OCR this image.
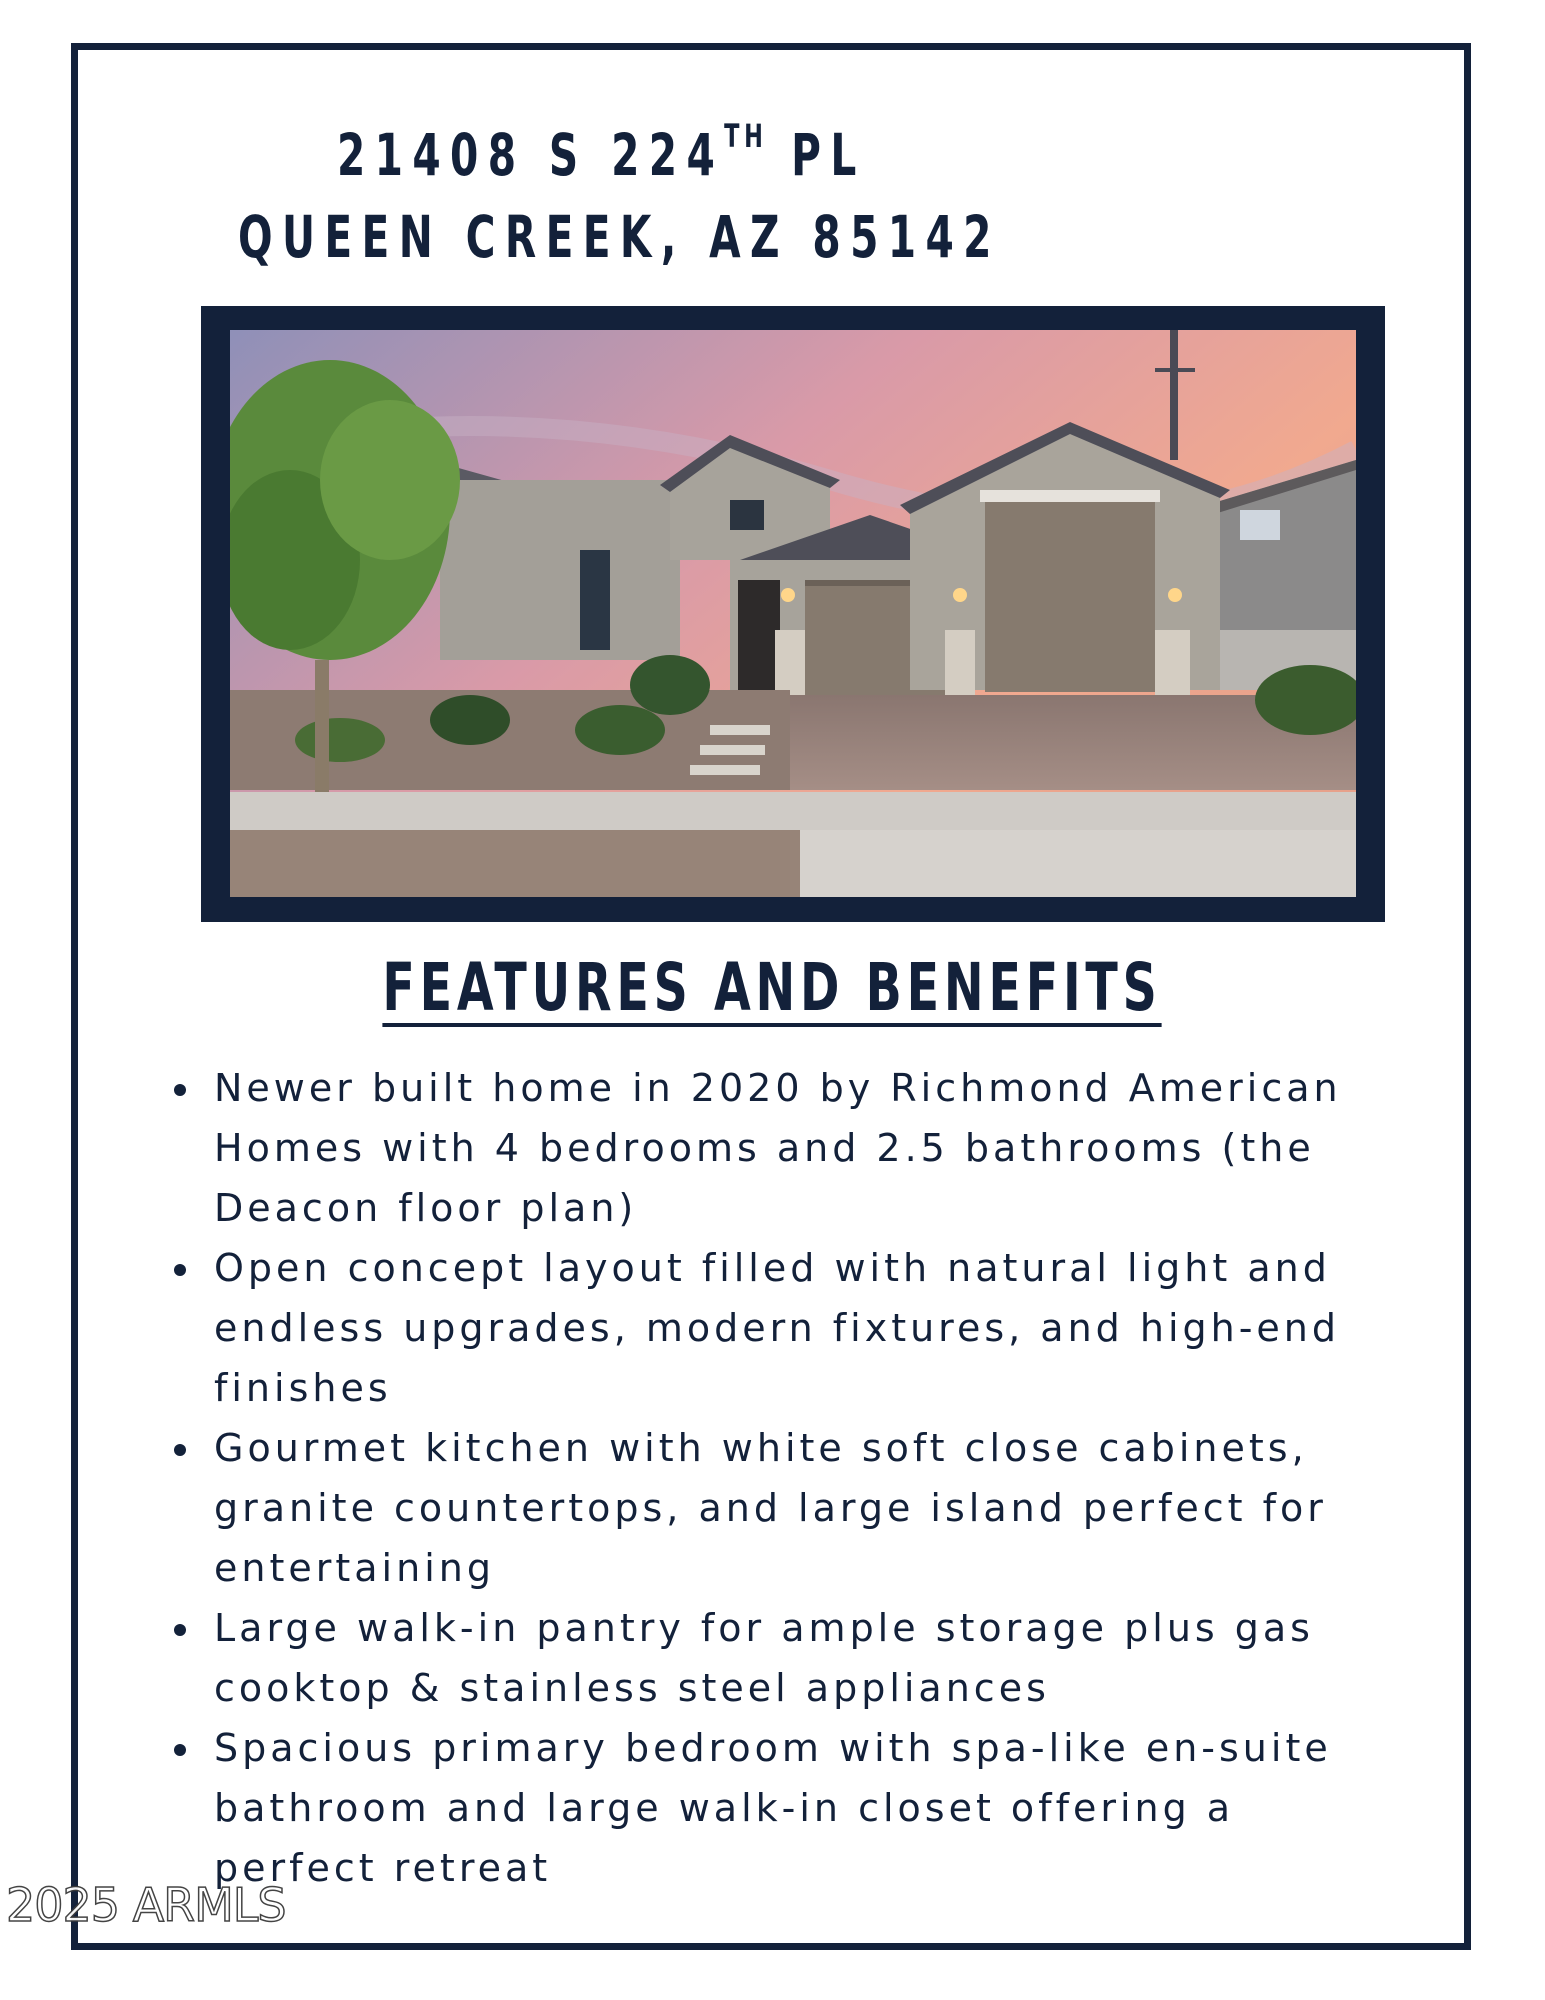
21408 S 224TH PL
QUEEN CREEK, AZ 85142
FEATURES AND BENEFITS
Newer built home in 2020 by Richmond American Homes with 4 bedrooms and 2.5 bathrooms (the Deacon floor plan)
Open concept layout filled with natural light and endless upgrades, modern fixtures, and high-end finishes
Gourmet kitchen with white soft close cabinets, granite countertops, and large island perfect for entertaining
Large walk-in pantry for ample storage plus gas cooktop & stainless steel appliances
Spacious primary bedroom with spa-like en-suite bathroom and large walk-in closet offering a perfect retreat
2025 ARMLS
